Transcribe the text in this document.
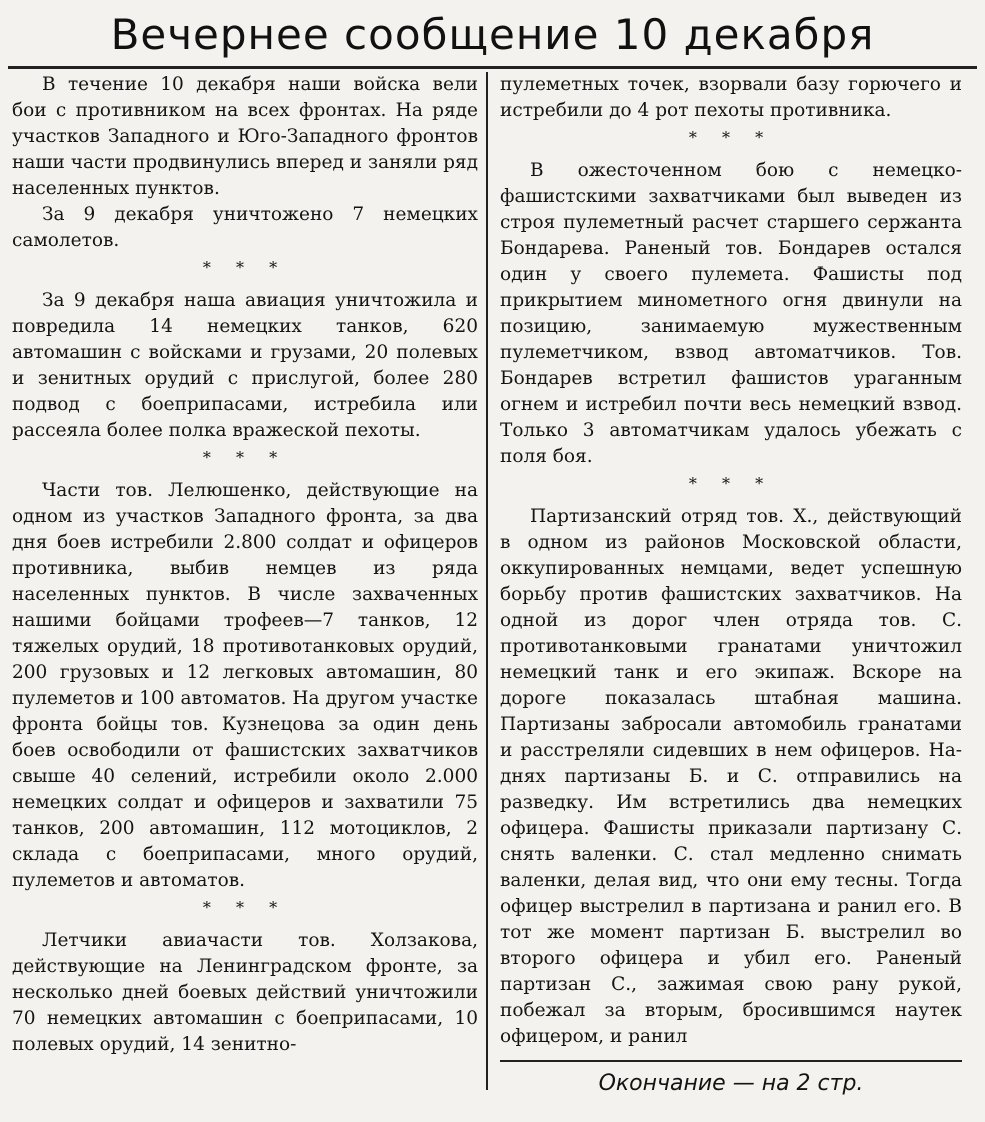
Вечернее сообщение 10 декабря

В течение 10 декабря наши войска вели бои с противником на всех фронтах. На ряде участков Западного и Юго-Западного фронтов наши части продвинулись вперед и заняли ряд населенных пунктов.

За 9 декабря уничтожено 7 немецких самолетов.

* * *

За 9 декабря наша авиация уничтожила и повредила 14 немецких танков, 620 автомашин с войсками и грузами, 20 полевых и зенитных орудий с прислугой, более 280 подвод с боеприпасами, истребила или рассеяла более полка вражеской пехоты.

* * *

Части тов. Лелюшенко, действующие на одном из участков Западного фронта, за два дня боев истребили 2.800 солдат и офицеров противника, выбив немцев из ряда населенных пунктов. В числе захваченных нашими бойцами трофеев—7 танков, 12 тяжелых орудий, 18 противотанковых орудий, 200 грузовых и 12 легковых автомашин, 80 пулеметов и 100 автоматов. На другом участке фронта бойцы тов. Кузнецова за один день боев освободили от фашистских захватчиков свыше 40 селений, истребили около 2.000 немецких солдат и офицеров и захватили 75 танков, 200 автомашин, 112 мотоциклов, 2 склада с боеприпасами, много орудий, пулеметов и автоматов.

* * *

Летчики авиачасти тов. Холзакова, действующие на Ленинградском фронте, за несколько дней боевых действий уничтожили 70 немецких автомашин с боеприпасами, 10 полевых орудий, 14 зенитно-

пулеметных точек, взорвали базу горючего и истребили до 4 рот пехоты противника.

* * *

В ожесточенном бою с немецко-фашистскими захватчиками был выведен из строя пулеметный расчет старшего сержанта Бондарева. Раненый тов. Бондарев остался один у своего пулемета. Фашисты под прикрытием минометного огня двинули на позицию, занимаемую мужественным пулеметчиком, взвод автоматчиков. Тов. Бондарев встретил фашистов ураганным огнем и истребил почти весь немецкий взвод. Только 3 автоматчикам удалось убежать с поля боя.

* * *

Партизанский отряд тов. Х., действующий в одном из районов Московской области, оккупированных немцами, ведет успешную борьбу против фашистских захватчиков. На одной из дорог член отряда тов. С. противотанковыми гранатами уничтожил немецкий танк и его экипаж. Вскоре на дороге показалась штабная машина. Партизаны забросали автомобиль гранатами и расстреляли сидевших в нем офицеров. На-днях партизаны Б. и С. отправились на разведку. Им встретились два немецких офицера. Фашисты приказали партизану С. снять валенки. С. стал медленно снимать валенки, делая вид, что они ему тесны. Тогда офицер выстрелил в партизана и ранил его. В тот же момент партизан Б. выстрелил во второго офицера и убил его. Раненый партизан С., зажимая свою рану рукой, побежал за вторым, бросившимся наутек офицером, и ранил

Окончание — на 2 стр.
